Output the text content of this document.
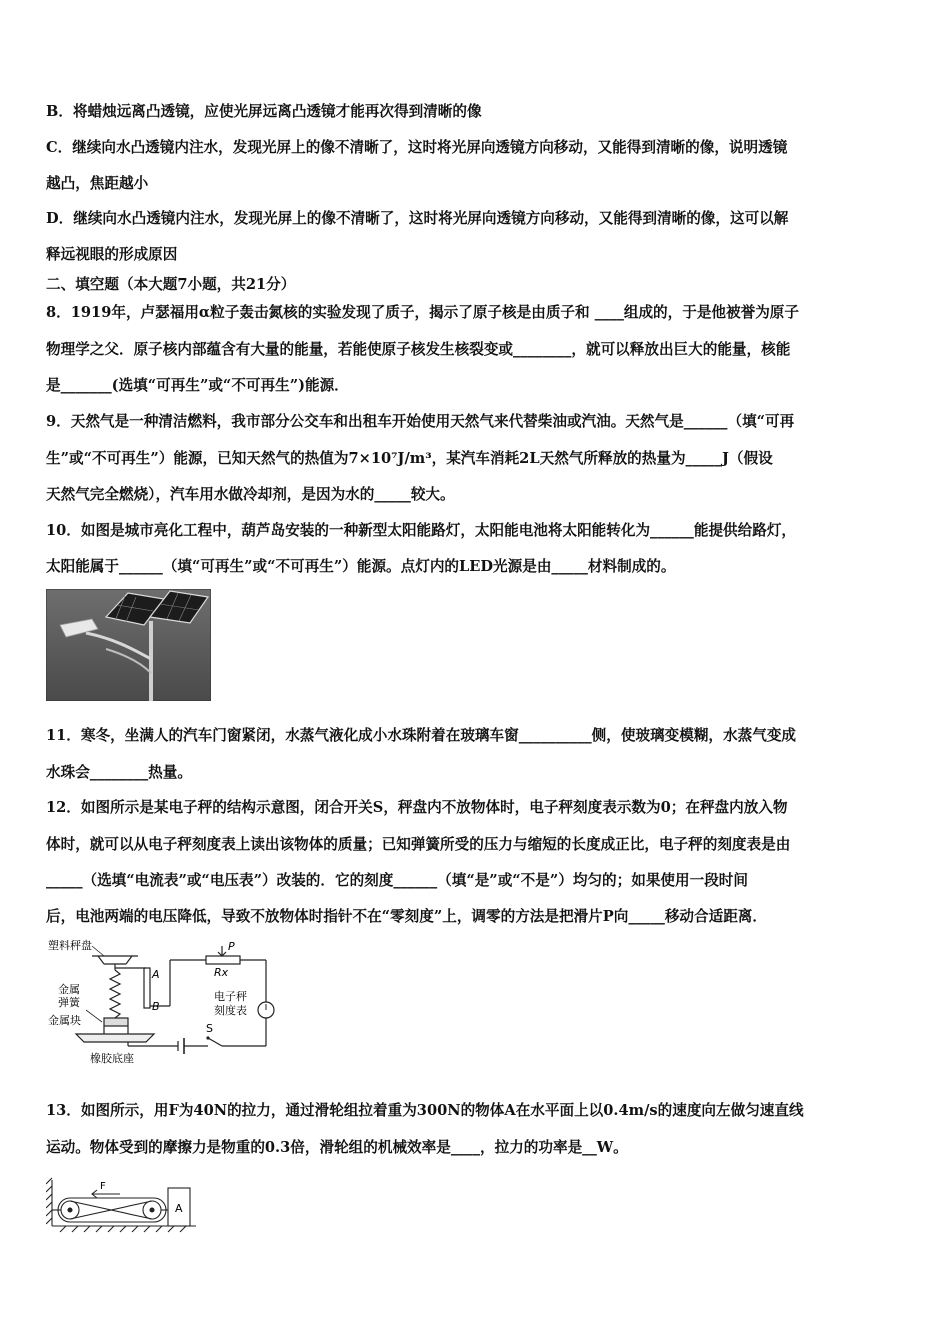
B．将蜡烛远离凸透镜，应使光屏远离凸透镜才能再次得到清晰的像
C．继续向水凸透镜内注水，发现光屏上的像不清晰了，这时将光屏向透镜方向移动，又能得到清晰的像，说明透镜
越凸，焦距越小
D．继续向水凸透镜内注水，发现光屏上的像不清晰了，这时将光屏向透镜方向移动，又能得到清晰的像，这可以解
释远视眼的形成原因
二、填空题（本大题7小题，共21分）
8．1919年，卢瑟福用α粒子轰击氮核的实验发现了质子，揭示了原子核是由质子和 ____组成的，于是他被誉为原子
物理学之父．原子核内部蕴含有大量的能量，若能使原子核发生核裂变或________，就可以释放出巨大的能量，核能
是_______(选填“可再生”或“不可再生”)能源．
9．天然气是一种清洁燃料，我市部分公交车和出租车开始使用天然气来代替柴油或汽油。天然气是______（填“可再
生”或“不可再生”）能源，已知天然气的热值为7×10⁷J/m³，某汽车消耗2L天然气所释放的热量为_____J（假设
天然气完全燃烧），汽车用水做冷却剂，是因为水的_____较大。
10．如图是城市亮化工程中，葫芦岛安装的一种新型太阳能路灯，太阳能电池将太阳能转化为______能提供给路灯，
太阳能属于______（填“可再生”或“不可再生”）能源。点灯内的LED光源是由_____材料制成的。
11．寒冬，坐满人的汽车门窗紧闭，水蒸气液化成小水珠附着在玻璃车窗__________侧，使玻璃变模糊，水蒸气变成
水珠会________热量。
12．如图所示是某电子秤的结构示意图，闭合开关S，秤盘内不放物体时，电子秤刻度表示数为0；在秤盘内放入物
体时，就可以从电子秤刻度表上读出该物体的质量；已知弹簧所受的压力与缩短的长度成正比，电子秤的刻度表是由
_____（选填“电流表”或“电压表”）改装的．它的刻度______（填“是”或“不是”）均匀的；如果使用一段时间
后，电池两端的电压降低，导致不放物体时指针不在“零刻度”上，调零的方法是把滑片P向_____移动合适距离．
塑料秤盘
金属
弹簧
金属块
橡胶底座
A
B
P
Rx
电子秤
刻度表
S
13．如图所示，用F为40N的拉力，通过滑轮组拉着重为300N的物体A在水平面上以0.4m/s的速度向左做匀速直线
运动。物体受到的摩擦力是物重的0.3倍，滑轮组的机械效率是____，拉力的功率是__W。
F
A
